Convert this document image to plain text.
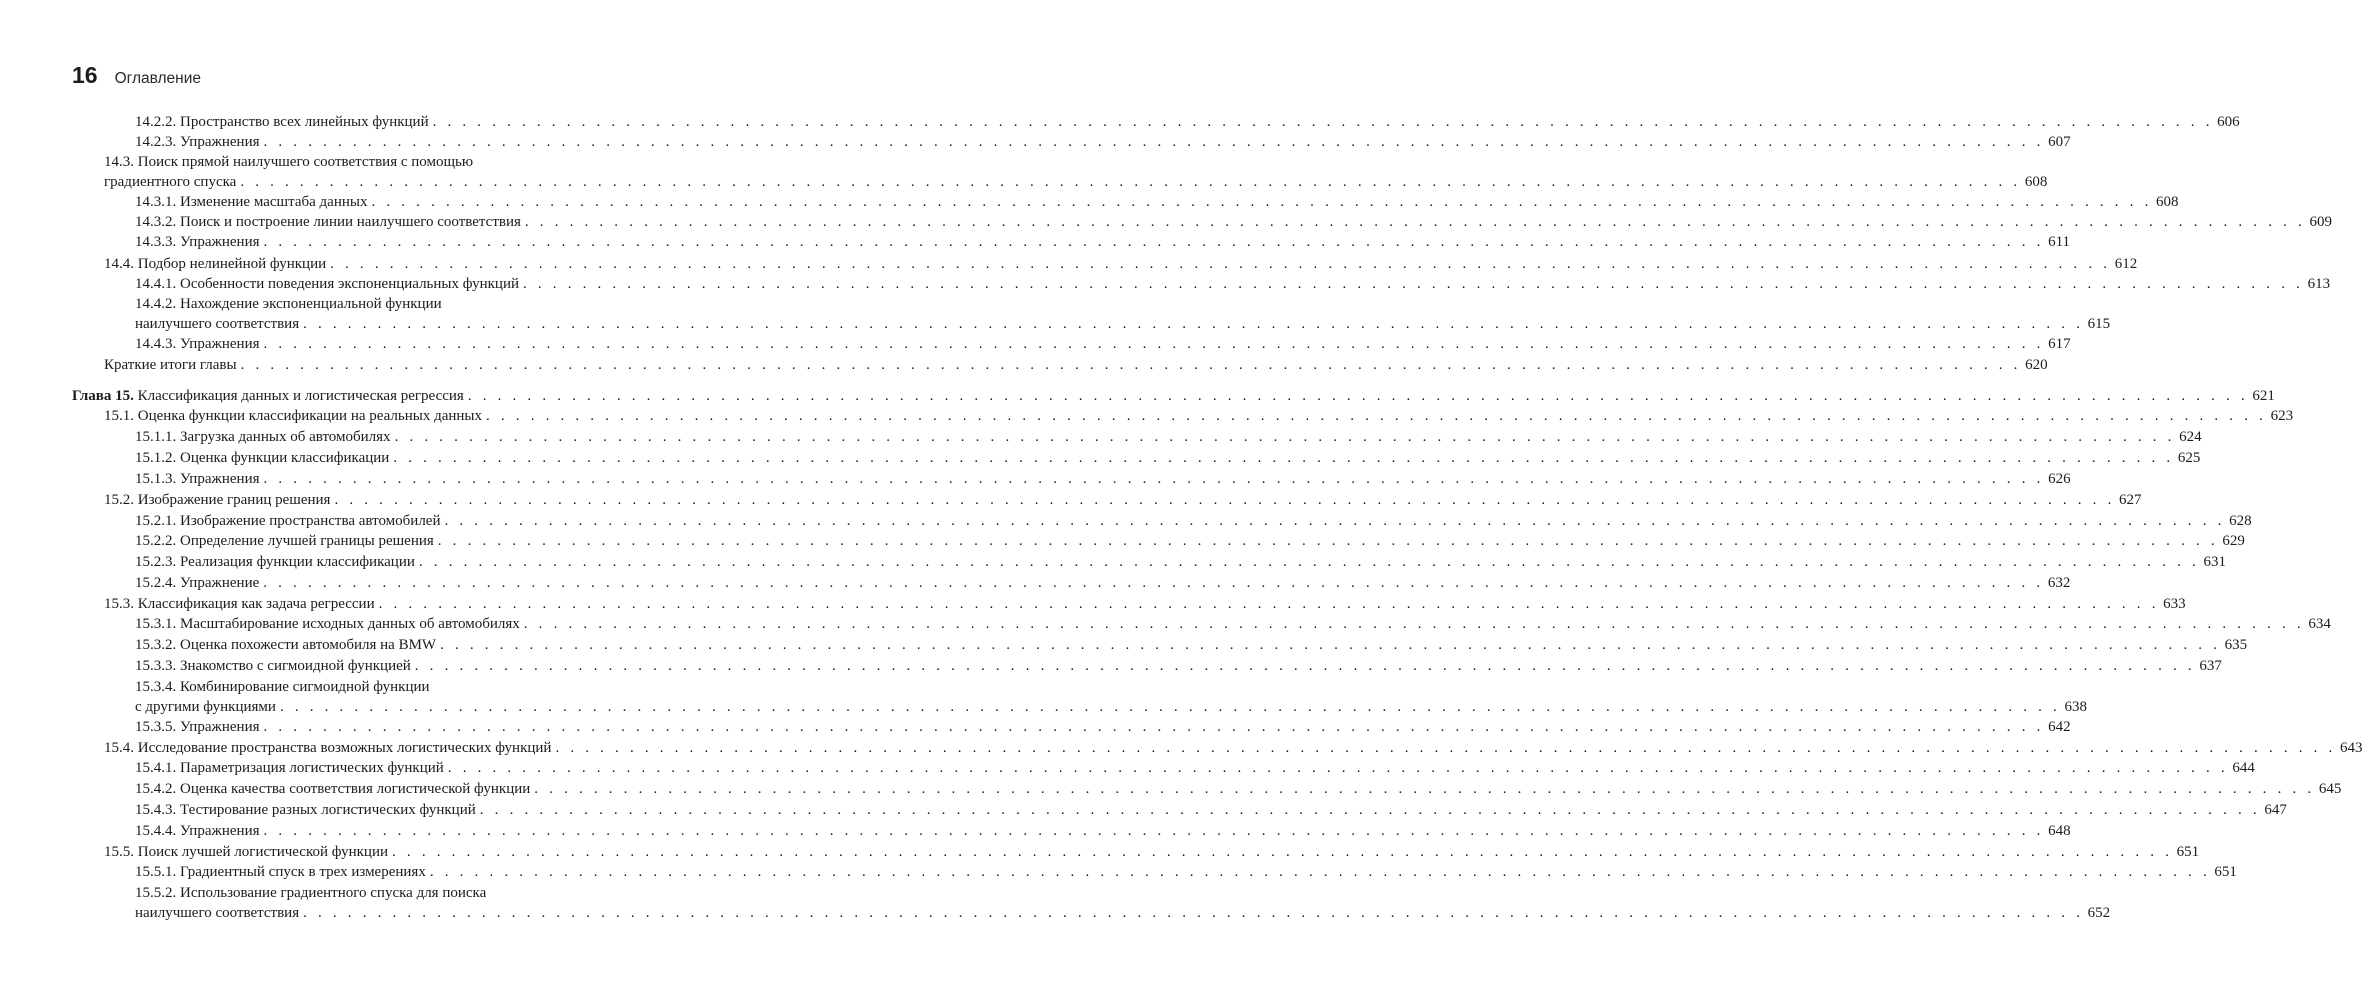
16 Оглавление
14.2.2. Пространство всех линейных функций . . . . . . . . . . . . . . . . . . . . . . . . . . . . . . . . . . . . . . . . . . . . . . . . . . . . . . . . . . . . . . . . . . . . . . . . . . . . . . . . . . . . . . . . . . . . . . . . . . . . . . . . . . . . . . . . . . . . . . . . 606
14.2.3. Упражнения . . . . . . . . . . . . . . . . . . . . . . . . . . . . . . . . . . . . . . . . . . . . . . . . . . . . . . . . . . . . . . . . . . . . . . . . . . . . . . . . . . . . . . . . . . . . . . . . . . . . . . . . . . . . . . . . . . . . . . . . 607
14.3. Поиск прямой наилучшего соответствия с помощью
градиентного спуска . . . . . . . . . . . . . . . . . . . . . . . . . . . . . . . . . . . . . . . . . . . . . . . . . . . . . . . . . . . . . . . . . . . . . . . . . . . . . . . . . . . . . . . . . . . . . . . . . . . . . . . . . . . . . . . . . . . . . . . . 608
14.3.1. Изменение масштаба данных . . . . . . . . . . . . . . . . . . . . . . . . . . . . . . . . . . . . . . . . . . . . . . . . . . . . . . . . . . . . . . . . . . . . . . . . . . . . . . . . . . . . . . . . . . . . . . . . . . . . . . . . . . . . . . . . . . . . . . . . 608
14.3.2. Поиск и построение линии наилучшего соответствия . . . . . . . . . . . . . . . . . . . . . . . . . . . . . . . . . . . . . . . . . . . . . . . . . . . . . . . . . . . . . . . . . . . . . . . . . . . . . . . . . . . . . . . . . . . . . . . . . . . . . . . . . . . . . . . . . . . . . . . . 609
14.3.3. Упражнения . . . . . . . . . . . . . . . . . . . . . . . . . . . . . . . . . . . . . . . . . . . . . . . . . . . . . . . . . . . . . . . . . . . . . . . . . . . . . . . . . . . . . . . . . . . . . . . . . . . . . . . . . . . . . . . . . . . . . . . . 611
14.4. Подбор нелинейной функции . . . . . . . . . . . . . . . . . . . . . . . . . . . . . . . . . . . . . . . . . . . . . . . . . . . . . . . . . . . . . . . . . . . . . . . . . . . . . . . . . . . . . . . . . . . . . . . . . . . . . . . . . . . . . . . . . . . . . . . . 612
14.4.1. Особенности поведения экспоненциальных функций . . . . . . . . . . . . . . . . . . . . . . . . . . . . . . . . . . . . . . . . . . . . . . . . . . . . . . . . . . . . . . . . . . . . . . . . . . . . . . . . . . . . . . . . . . . . . . . . . . . . . . . . . . . . . . . . . . . . . . . . 613
14.4.2. Нахождение экспоненциальной функции
наилучшего соответствия . . . . . . . . . . . . . . . . . . . . . . . . . . . . . . . . . . . . . . . . . . . . . . . . . . . . . . . . . . . . . . . . . . . . . . . . . . . . . . . . . . . . . . . . . . . . . . . . . . . . . . . . . . . . . . . . . . . . . . . . 615
14.4.3. Упражнения . . . . . . . . . . . . . . . . . . . . . . . . . . . . . . . . . . . . . . . . . . . . . . . . . . . . . . . . . . . . . . . . . . . . . . . . . . . . . . . . . . . . . . . . . . . . . . . . . . . . . . . . . . . . . . . . . . . . . . . . 617
Краткие итоги главы . . . . . . . . . . . . . . . . . . . . . . . . . . . . . . . . . . . . . . . . . . . . . . . . . . . . . . . . . . . . . . . . . . . . . . . . . . . . . . . . . . . . . . . . . . . . . . . . . . . . . . . . . . . . . . . . . . . . . . . . 620
Глава 15. Классификация данных и логистическая регрессия . . . . . . . . . . . . . . . . . . . . . . . . . . . . . . . . . . . . . . . . . . . . . . . . . . . . . . . . . . . . . . . . . . . . . . . . . . . . . . . . . . . . . . . . . . . . . . . . . . . . . . . . . . . . . . . . . . . . . . . . 621
15.1. Оценка функции классификации на реальных данных . . . . . . . . . . . . . . . . . . . . . . . . . . . . . . . . . . . . . . . . . . . . . . . . . . . . . . . . . . . . . . . . . . . . . . . . . . . . . . . . . . . . . . . . . . . . . . . . . . . . . . . . . . . . . . . . . . . . . . . . 623
15.1.1. Загрузка данных об автомобилях . . . . . . . . . . . . . . . . . . . . . . . . . . . . . . . . . . . . . . . . . . . . . . . . . . . . . . . . . . . . . . . . . . . . . . . . . . . . . . . . . . . . . . . . . . . . . . . . . . . . . . . . . . . . . . . . . . . . . . . . 624
15.1.2. Оценка функции классификации . . . . . . . . . . . . . . . . . . . . . . . . . . . . . . . . . . . . . . . . . . . . . . . . . . . . . . . . . . . . . . . . . . . . . . . . . . . . . . . . . . . . . . . . . . . . . . . . . . . . . . . . . . . . . . . . . . . . . . . . 625
15.1.3. Упражнения . . . . . . . . . . . . . . . . . . . . . . . . . . . . . . . . . . . . . . . . . . . . . . . . . . . . . . . . . . . . . . . . . . . . . . . . . . . . . . . . . . . . . . . . . . . . . . . . . . . . . . . . . . . . . . . . . . . . . . . . 626
15.2. Изображение границ решения . . . . . . . . . . . . . . . . . . . . . . . . . . . . . . . . . . . . . . . . . . . . . . . . . . . . . . . . . . . . . . . . . . . . . . . . . . . . . . . . . . . . . . . . . . . . . . . . . . . . . . . . . . . . . . . . . . . . . . . . 627
15.2.1. Изображение пространства автомобилей . . . . . . . . . . . . . . . . . . . . . . . . . . . . . . . . . . . . . . . . . . . . . . . . . . . . . . . . . . . . . . . . . . . . . . . . . . . . . . . . . . . . . . . . . . . . . . . . . . . . . . . . . . . . . . . . . . . . . . . . 628
15.2.2. Определение лучшей границы решения . . . . . . . . . . . . . . . . . . . . . . . . . . . . . . . . . . . . . . . . . . . . . . . . . . . . . . . . . . . . . . . . . . . . . . . . . . . . . . . . . . . . . . . . . . . . . . . . . . . . . . . . . . . . . . . . . . . . . . . . 629
15.2.3. Реализация функции классификации . . . . . . . . . . . . . . . . . . . . . . . . . . . . . . . . . . . . . . . . . . . . . . . . . . . . . . . . . . . . . . . . . . . . . . . . . . . . . . . . . . . . . . . . . . . . . . . . . . . . . . . . . . . . . . . . . . . . . . . . 631
15.2.4. Упражнение . . . . . . . . . . . . . . . . . . . . . . . . . . . . . . . . . . . . . . . . . . . . . . . . . . . . . . . . . . . . . . . . . . . . . . . . . . . . . . . . . . . . . . . . . . . . . . . . . . . . . . . . . . . . . . . . . . . . . . . . 632
15.3. Классификация как задача регрессии . . . . . . . . . . . . . . . . . . . . . . . . . . . . . . . . . . . . . . . . . . . . . . . . . . . . . . . . . . . . . . . . . . . . . . . . . . . . . . . . . . . . . . . . . . . . . . . . . . . . . . . . . . . . . . . . . . . . . . . . 633
15.3.1. Масштабирование исходных данных об автомобилях . . . . . . . . . . . . . . . . . . . . . . . . . . . . . . . . . . . . . . . . . . . . . . . . . . . . . . . . . . . . . . . . . . . . . . . . . . . . . . . . . . . . . . . . . . . . . . . . . . . . . . . . . . . . . . . . . . . . . . . . 634
15.3.2. Оценка похожести автомобиля на BMW . . . . . . . . . . . . . . . . . . . . . . . . . . . . . . . . . . . . . . . . . . . . . . . . . . . . . . . . . . . . . . . . . . . . . . . . . . . . . . . . . . . . . . . . . . . . . . . . . . . . . . . . . . . . . . . . . . . . . . . . 635
15.3.3. Знакомство с сигмоидной функцией . . . . . . . . . . . . . . . . . . . . . . . . . . . . . . . . . . . . . . . . . . . . . . . . . . . . . . . . . . . . . . . . . . . . . . . . . . . . . . . . . . . . . . . . . . . . . . . . . . . . . . . . . . . . . . . . . . . . . . . . 637
15.3.4. Комбинирование сигмоидной функции
с другими функциями . . . . . . . . . . . . . . . . . . . . . . . . . . . . . . . . . . . . . . . . . . . . . . . . . . . . . . . . . . . . . . . . . . . . . . . . . . . . . . . . . . . . . . . . . . . . . . . . . . . . . . . . . . . . . . . . . . . . . . . . 638
15.3.5. Упражнения . . . . . . . . . . . . . . . . . . . . . . . . . . . . . . . . . . . . . . . . . . . . . . . . . . . . . . . . . . . . . . . . . . . . . . . . . . . . . . . . . . . . . . . . . . . . . . . . . . . . . . . . . . . . . . . . . . . . . . . . 642
15.4. Исследование пространства возможных логистических функций . . . . . . . . . . . . . . . . . . . . . . . . . . . . . . . . . . . . . . . . . . . . . . . . . . . . . . . . . . . . . . . . . . . . . . . . . . . . . . . . . . . . . . . . . . . . . . . . . . . . . . . . . . . . . . . . . . . . . . . . 643
15.4.1. Параметризация логистических функций . . . . . . . . . . . . . . . . . . . . . . . . . . . . . . . . . . . . . . . . . . . . . . . . . . . . . . . . . . . . . . . . . . . . . . . . . . . . . . . . . . . . . . . . . . . . . . . . . . . . . . . . . . . . . . . . . . . . . . . . 644
15.4.2. Оценка качества соответствия логистической функции . . . . . . . . . . . . . . . . . . . . . . . . . . . . . . . . . . . . . . . . . . . . . . . . . . . . . . . . . . . . . . . . . . . . . . . . . . . . . . . . . . . . . . . . . . . . . . . . . . . . . . . . . . . . . . . . . . . . . . . . 645
15.4.3. Тестирование разных логистических функций . . . . . . . . . . . . . . . . . . . . . . . . . . . . . . . . . . . . . . . . . . . . . . . . . . . . . . . . . . . . . . . . . . . . . . . . . . . . . . . . . . . . . . . . . . . . . . . . . . . . . . . . . . . . . . . . . . . . . . . . 647
15.4.4. Упражнения . . . . . . . . . . . . . . . . . . . . . . . . . . . . . . . . . . . . . . . . . . . . . . . . . . . . . . . . . . . . . . . . . . . . . . . . . . . . . . . . . . . . . . . . . . . . . . . . . . . . . . . . . . . . . . . . . . . . . . . . 648
15.5. Поиск лучшей логистической функции . . . . . . . . . . . . . . . . . . . . . . . . . . . . . . . . . . . . . . . . . . . . . . . . . . . . . . . . . . . . . . . . . . . . . . . . . . . . . . . . . . . . . . . . . . . . . . . . . . . . . . . . . . . . . . . . . . . . . . . . 651
15.5.1. Градиентный спуск в трех измерениях . . . . . . . . . . . . . . . . . . . . . . . . . . . . . . . . . . . . . . . . . . . . . . . . . . . . . . . . . . . . . . . . . . . . . . . . . . . . . . . . . . . . . . . . . . . . . . . . . . . . . . . . . . . . . . . . . . . . . . . . 651
15.5.2. Использование градиентного спуска для поиска
наилучшего соответствия . . . . . . . . . . . . . . . . . . . . . . . . . . . . . . . . . . . . . . . . . . . . . . . . . . . . . . . . . . . . . . . . . . . . . . . . . . . . . . . . . . . . . . . . . . . . . . . . . . . . . . . . . . . . . . . . . . . . . . . . 652
